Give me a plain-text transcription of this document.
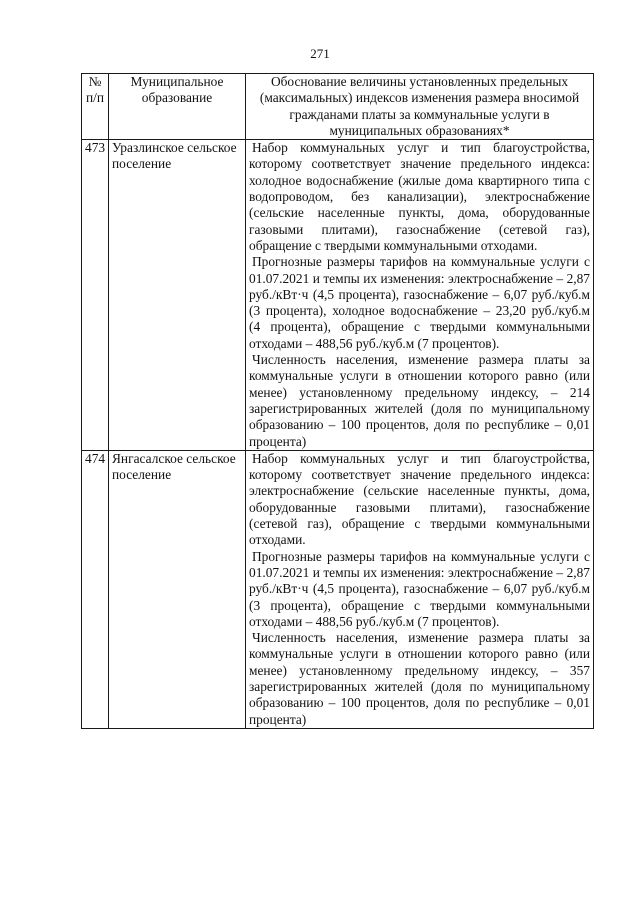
271
№ п/п	Муниципальное образование	Обоснование величины установленных предельных (максимальных) индексов изменения размера вносимой гражданами платы за коммунальные услуги в муниципальных образованиях*
473	Уразлинское сельское поселение	Набор коммунальных услуг и тип благоустройства, которому соответствует значение предельного индекса: холодное водоснабжение (жилые дома квартирного типа с водопроводом, без канализации), электроснабжение (сельские населенные пункты, дома, оборудованные газовыми плитами), газоснабжение (сетевой газ), обращение с твердыми коммунальными отходами.

Прогнозные размеры тарифов на коммунальные услуги с 01.07.2021 и темпы их изменения: электроснабжение – 2,87 руб./кВт·ч (4,5 процента), газоснабжение – 6,07 руб./куб.м (3 процента), холодное водоснабжение – 23,20 руб./куб.м (4 процента), обращение с твердыми коммунальными отходами – 488,56 руб./куб.м (7 процентов).

Численность населения, изменение размера платы за коммунальные услуги в отношении которого равно (или менее) установленному предельному индексу, – 214 зарегистрированных жителей (доля по муниципальному образованию – 100 процентов, доля по республике – 0,01 процента)

474	Янгасалское сельское поселение	Набор коммунальных услуг и тип благоустройства, которому соответствует значение предельного индекса: электроснабжение (сельские населенные пункты, дома, оборудованные газовыми плитами), газоснабжение (сетевой газ), обращение с твердыми коммунальными отходами.

Прогнозные размеры тарифов на коммунальные услуги с 01.07.2021 и темпы их изменения: электроснабжение – 2,87 руб./кВт·ч (4,5 процента), газоснабжение – 6,07 руб./куб.м (3 процента), обращение с твердыми коммунальными отходами – 488,56 руб./куб.м (7 процентов).

Численность населения, изменение размера платы за коммунальные услуги в отношении которого равно (или менее) установленному предельному индексу, – 357 зарегистрированных жителей (доля по муниципальному образованию – 100 процентов, доля по республике – 0,01 процента)
